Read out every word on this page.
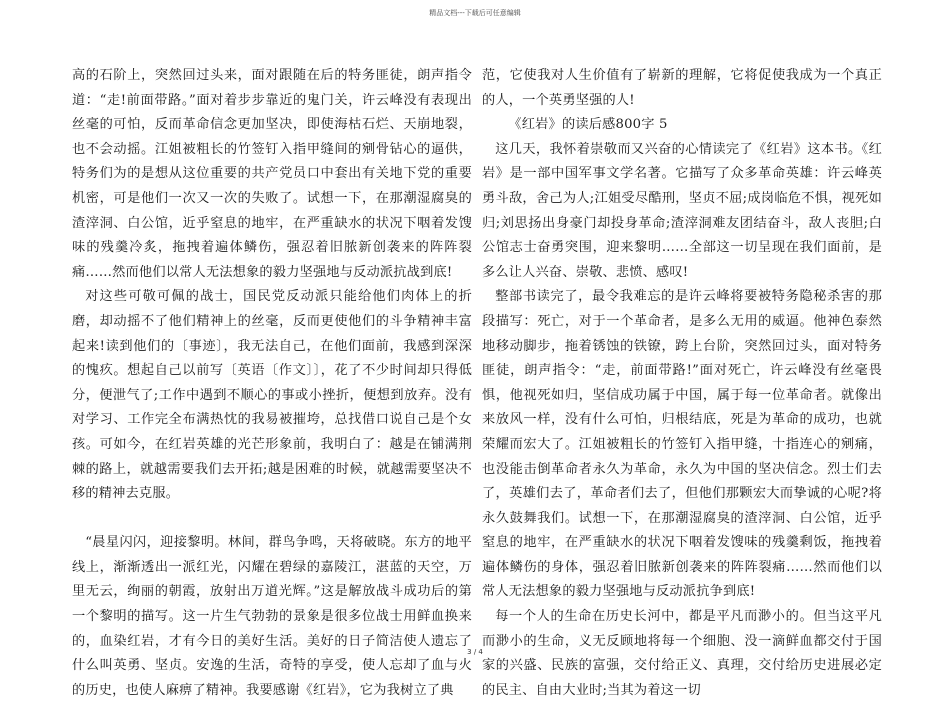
精品文档---下载后可任意编辑

高的石阶上，突然回过头来，面对跟随在后的特务匪徒，朗声指令道：“走!前面带路。”面对着步步靠近的鬼门关，许云峰没有表现出丝毫的可怕，反而革命信念更加坚决，即使海枯石烂、天崩地裂，也不会动摇。江姐被粗长的竹签钉入指甲缝间的剜骨钻心的逼供，特务们为的是想从这位重要的共产党员口中套出有关地下党的重要机密，可是他们一次又一次的失败了。试想一下，在那潮湿腐臭的渣滓洞、白公馆，近乎窒息的地牢，在严重缺水的状况下咽着发馊味的残羹冷炙，拖拽着遍体鳞伤，强忍着旧脓新创袭来的阵阵裂痛……然而他们以常人无法想象的毅力坚强地与反动派抗战到底!

对这些可敬可佩的战士，国民党反动派只能给他们肉体上的折磨，却动摇不了他们精神上的丝毫，反而更使他们的斗争精神丰富起来!读到他们的〔事迹〕，我无法自己，在他们面前，我感到深深的愧疚。想起自己以前写〔英语〔作文〕〕，花了不少时间却只得低分，便泄气了;工作中遇到不顺心的事或小挫折，便想到放弃。没有对学习、工作完全布满热忱的我易被摧垮，总找借口说自己是个女孩。可如今，在红岩英雄的光芒形象前，我明白了：越是在铺满荆棘的路上，就越需要我们去开拓;越是困难的时候，就越需要坚决不移的精神去克服。

“晨星闪闪，迎接黎明。林间，群鸟争鸣，天将破晓。东方的地平线上，渐渐透出一派红光，闪耀在碧绿的嘉陵江，湛蓝的天空，万里无云，绚丽的朝霞，放射出万道光辉。”这是解放战斗成功后的第一个黎明的描写。这一片生气勃勃的景象是很多位战士用鲜血换来的，血染红岩，才有今日的美好生活。美好的日子简洁使人遗忘了什么叫英勇、坚贞。安逸的生活，奇特的享受，使人忘却了血与火的历史，也使人麻痹了精神。我要感谢《红岩》，它为我树立了典

范，它使我对人生价值有了崭新的理解，它将促使我成为一个真正的人，一个英勇坚强的人!

《红岩》的读后感800字 5

这几天，我怀着崇敬而又兴奋的心情读完了《红岩》这本书。《红岩》是一部中国军事文学名著。它描写了众多革命英雄：许云峰英勇斗敌，舍己为人;江姐受尽酷刑，坚贞不屈;成岗临危不惧，视死如归;刘思扬出身豪门却投身革命;渣滓洞难友团结奋斗，敌人丧胆;白公馆志士奋勇突围，迎来黎明……全部这一切呈现在我们面前，是多么让人兴奋、崇敬、悲愤、感叹!

整部书读完了，最令我难忘的是许云峰将要被特务隐秘杀害的那段描写：死亡，对于一个革命者，是多么无用的威逼。他神色泰然地移动脚步，拖着锈蚀的铁镣，跨上台阶，突然回过头，面对特务匪徒，朗声指令：“走，前面带路!”面对死亡，许云峰没有丝毫畏惧，他视死如归，坚信成功属于中国，属于每一位革命者。就像出来放风一样，没有什么可怕，归根结底，死是为革命的成功，也就荣耀而宏大了。江姐被粗长的竹签钉入指甲缝，十指连心的剜痛，也没能击倒革命者永久为革命，永久为中国的坚决信念。烈士们去了，英雄们去了，革命者们去了，但他们那颗宏大而挚诚的心呢?将永久鼓舞我们。试想一下，在那潮湿腐臭的渣滓洞、白公馆，近乎窒息的地牢，在严重缺水的状况下咽着发馊味的残羹剩饭，拖拽着遍体鳞伤的身体，强忍着旧脓新创袭来的阵阵裂痛……然而他们以常人无法想象的毅力坚强地与反动派抗争到底!

每一个人的生命在历史长河中，都是平凡而渺小的。但当这平凡而渺小的生命，义无反顾地将每一个细胞、没一滴鲜血都交付于国家的兴盛、民族的富强，交付给正义、真理，交付给历史进展必定的民主、自由大业时;当其为着这一切

3 / 4
